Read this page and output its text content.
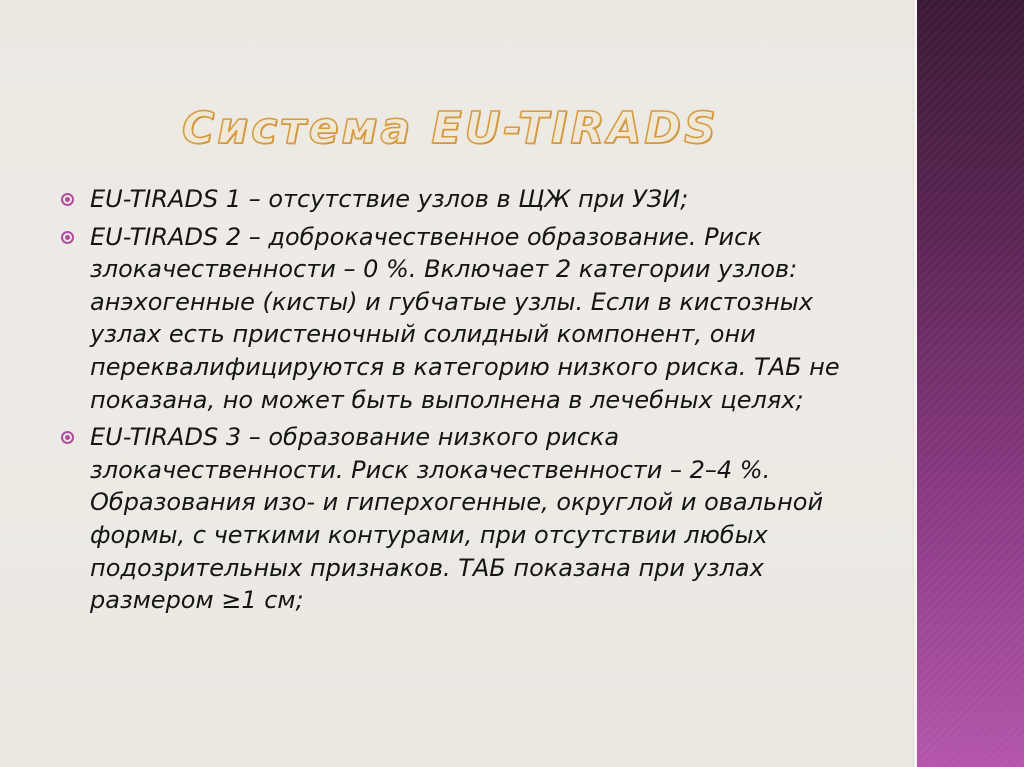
Система EU-TIRADS
EU-TIRADS 1 – отсутствие узлов в ЩЖ при УЗИ;
EU-TIRADS 2 – доброкачественное образование. Риск злокачественности – 0 %. Включает 2 категории узлов: анэхогенные (кисты) и губчатые узлы. Если в кистозных узлах есть пристеночный солидный компонент, они переквалифицируются в категорию низкого риска. ТАБ не показана, но может быть выполнена в лечебных целях;
EU-TIRADS 3 – образование низкого риска злокачественности. Риск злокачественности – 2–4 %. Образования изо- и гиперхогенные, округлой и овальной формы, с четкими контурами, при отсутствии любых подозрительных признаков. ТАБ показана при узлах размером ≥1 см;
